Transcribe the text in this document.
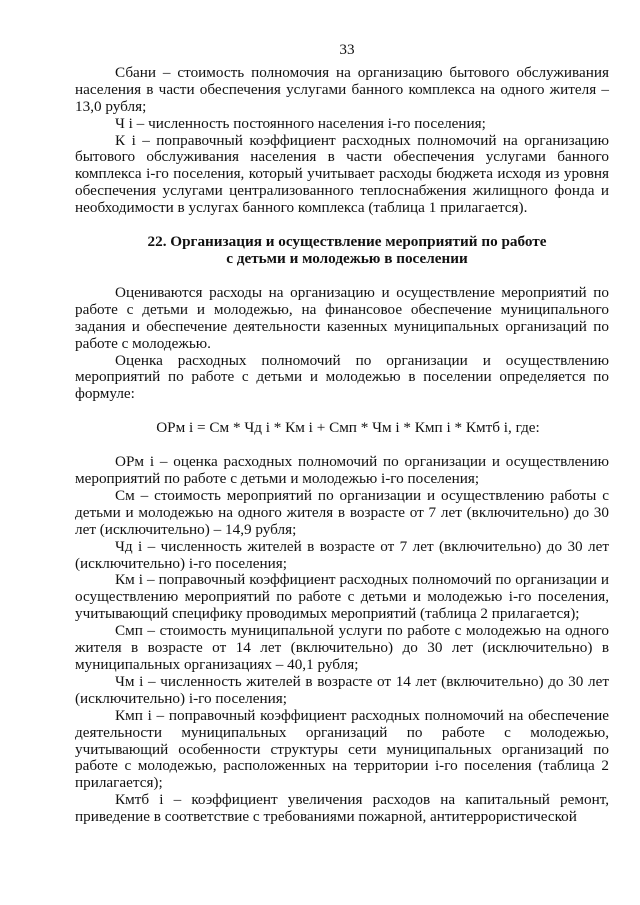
33

Сбани – стоимость полномочия на организацию бытового обслуживания населения в части обеспечения услугами банного комплекса на одного жителя – 13,0 рубля;

Ч i – численность постоянного населения i-го поселения;

К i – поправочный коэффициент расходных полномочий на организацию бытового обслуживания населения в части обеспечения услугами банного комплекса i-го поселения, который учитывает расходы бюджета исходя из уровня обеспечения услугами централизованного теплоснабжения жилищного фонда и необходимости в услугах банного комплекса (таблица 1 прилагается).

22. Организация и осуществление мероприятий по работе
с детьми и молодежью в поселении

Оцениваются расходы на организацию и осуществление мероприятий по работе с детьми и молодежью, на финансовое обеспечение муниципального задания и обеспечение деятельности казенных муниципальных организаций по работе с молодежью.

Оценка расходных полномочий по организации и осуществлению мероприятий по работе с детьми и молодежью в поселении определяется по формуле:

ОРм i = См * Чд i * Км i + Смп * Чм i * Кмп i * Кмтб i, где:

ОРм i – оценка расходных полномочий по организации и осуществлению мероприятий по работе с детьми и молодежью i-го поселения;

См – стоимость мероприятий по организации и осуществлению работы с детьми и молодежью на одного жителя в возрасте от 7 лет (включительно) до 30 лет (исключительно) – 14,9 рубля;

Чд i – численность жителей в возрасте от 7 лет (включительно) до 30 лет (исключительно) i-го поселения;

Км i – поправочный коэффициент расходных полномочий по организации и осуществлению мероприятий по работе с детьми и молодежью i-го поселения, учитывающий специфику проводимых мероприятий (таблица 2 прилагается);

Смп – стоимость муниципальной услуги по работе с молодежью на одного жителя в возрасте от 14 лет (включительно) до 30 лет (исключительно) в муниципальных организациях – 40,1 рубля;

Чм i – численность жителей в возрасте от 14 лет (включительно) до 30 лет (исключительно) i-го поселения;

Кмп i – поправочный коэффициент расходных полномочий на обеспечение деятельности муниципальных организаций по работе с молодежью, учитывающий особенности структуры сети муниципальных организаций по работе с молодежью, расположенных на территории i-го поселения (таблица 2 прилагается);

Кмтб i – коэффициент увеличения расходов на капитальный ремонт, приведение в соответствие с требованиями пожарной, антитеррористической
